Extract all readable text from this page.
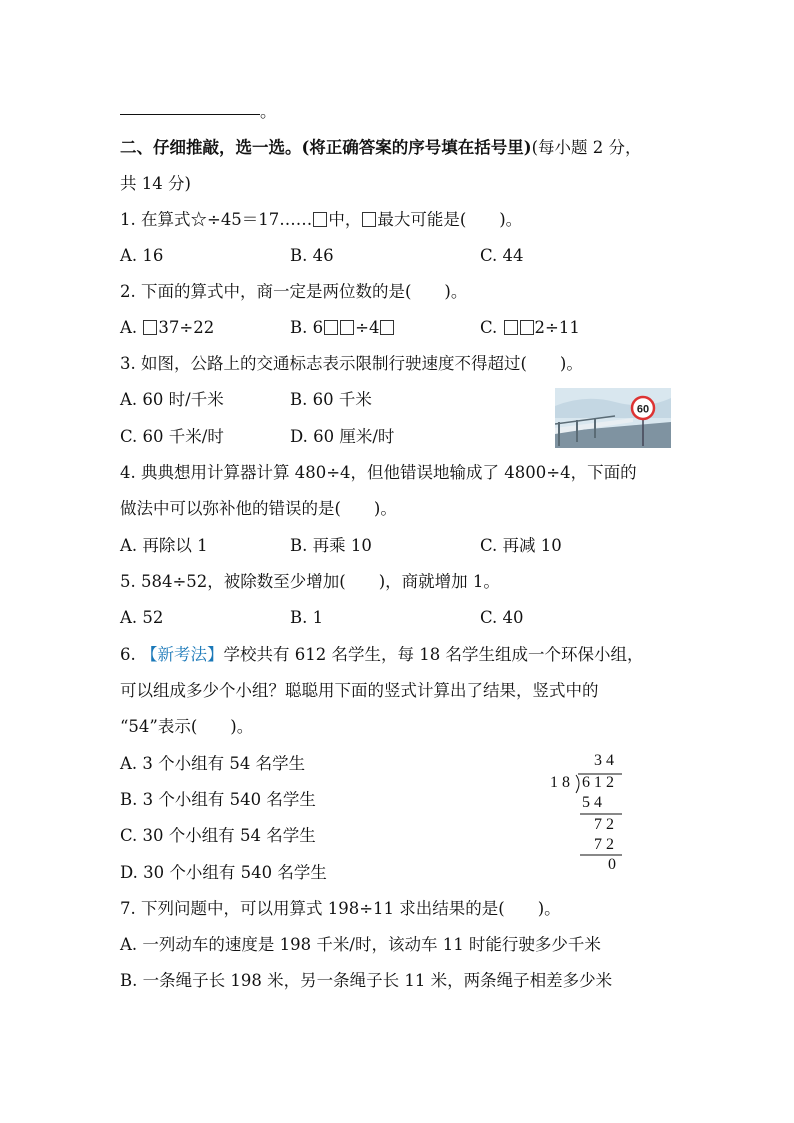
。
二、仔细推敲，选一选。(将正确答案的序号填在括号里)(每小题 2 分，
共 14 分)
1. 在算式☆÷45＝17…… 中， 最大可能是(　　)。
A. 16	B. 46	C. 44
2. 下面的算式中，商一定是两位数的是(　　)。
A. 37÷22	B. 6 ÷4	C. 2÷11
3. 如图，公路上的交通标志表示限制行驶速度不得超过(　　)。
A. 60 时/千米	B. 60 千米
C. 60 千米/时	D. 60 厘米/时
60
4. 典典想用计算器计算 480÷4，但他错误地输成了 4800÷4，下面的
做法中可以弥补他的错误的是(　　)。
A. 再除以 1	B. 再乘 10	C. 再减 10
5. 584÷52，被除数至少增加(　　)，商就增加 1。
A. 52	B. 1	C. 40
6. 【新考法】学校共有 612 名学生，每 18 名学生组成一个环保小组，
可以组成多少个小组？聪聪用下面的竖式计算出了结果，竖式中的
“54”表示(　　)。
A. 3 个小组有 54 名学生
B. 3 个小组有 540 名学生
C. 30 个小组有 54 名学生
D. 30 个小组有 540 名学生
3 4
1 8 6 1 2
5 4
7 2
7 2
0
7. 下列问题中，可以用算式 198÷11 求出结果的是(　　)。
A. 一列动车的速度是 198 千米/时，该动车 11 时能行驶多少千米
B. 一条绳子长 198 米，另一条绳子长 11 米，两条绳子相差多少米
